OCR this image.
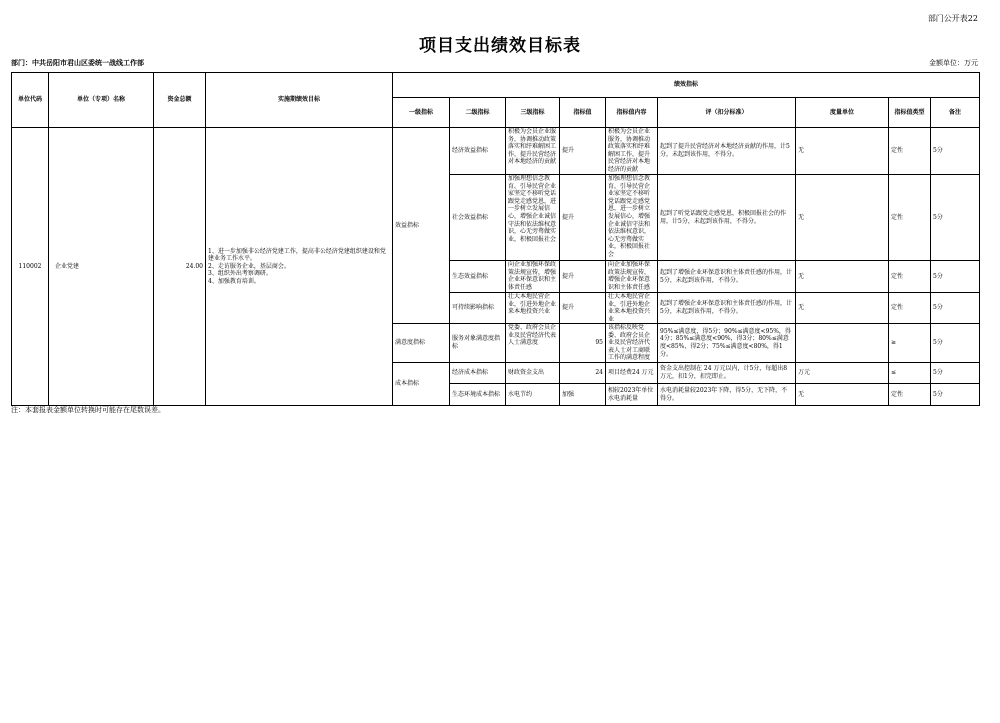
部门公开表22
项目支出绩效目标表
部门：中共岳阳市君山区委统一战线工作部	金额单位：万元
单位代码	单位（专项）名称	资金总额	实施期绩效目标	绩效指标								
				一级指标	二级指标	三级指标	指标值	指标值内容	评（扣分标准）	度量单位	指标值类型	备注
110002	企业党建	24.00	1、进一步加强非公经济党建工作，提高非公经济党建组织建设和党建业务工作水平。
2、走访服务企业，基层商会。
3、组织外出考察调研。
4、加强教育培训。	效益指标	经济效益指标	积极为会员企业服务，协调推动政策落实和纾难解困工作，提升民营经济对本地经济的贡献	提升	积极为会员企业服务，协调推动政策落实和纾难解困工作，提升民营经济对本地经济的贡献	起到了提升民营经济对本地经济贡献的作用，计5分，未起到该作用，不得分。	无	定性	5分
					社会效益指标	加强理想信念教育，引导民营企业家坚定不移听党话跟党走感党恩，进一步树立发展信心，增强企业诚信守法和依法维权意识，心无旁骛做实业，积极回报社会	提升	加强理想信念教育，引导民营企业家坚定不移听党话跟党走感党恩，进一步树立发展信心，增强企业诚信守法和依法维权意识，心无旁骛做实业，积极回报社会	起到了听党话跟党走感党恩，积极回报社会的作用，计5分，未起到该作用，不得分。	无	定性	5分
					生态效益指标	向企业加强环保政策法规宣传，增强企业环保意识和主体责任感	提升	向企业加强环保政策法规宣传，增强企业环保意识和主体责任感	起到了增强企业环保意识和主体责任感的作用，计5分，未起到该作用，不得分。	无	定性	5分
					可持续影响指标	壮大本地民营企业，引进外地企业来本地投资兴业	提升	壮大本地民营企业，引进外地企业来本地投资兴业	起到了增强企业环保意识和主体责任感的作用，计5分，未起到该作用，不得分。	无	定性	5分
				满意度指标	服务对象满意度指标	党委、政府会员企业及民营经济代表人士满意度	95	该指标反映党委、政府会员企业及民营经济代表人士对工商联工作的满意程度	95%≤满意度，得5分；90%≤满意度<95%，得4分；85%≤满意度<90%，得3分；80%≤满意度<85%，得2分；75%≤满意度<80%，得1分。		≥	5分
				成本指标	经济成本指标	财政资金支出	24	项目经费24 万元	资金支出控制在 24 万元以内，计5分，每超出8万元，扣1分，扣完即止。	万元	≤	5分
					生态环境成本指标	水电节约	加强	相较2023年单位水电消耗量	水电消耗量较2023年下降，得5分，无下降，不得分。	无	定性	5分
注：本套报表金额单位转换时可能存在尾数误差。
